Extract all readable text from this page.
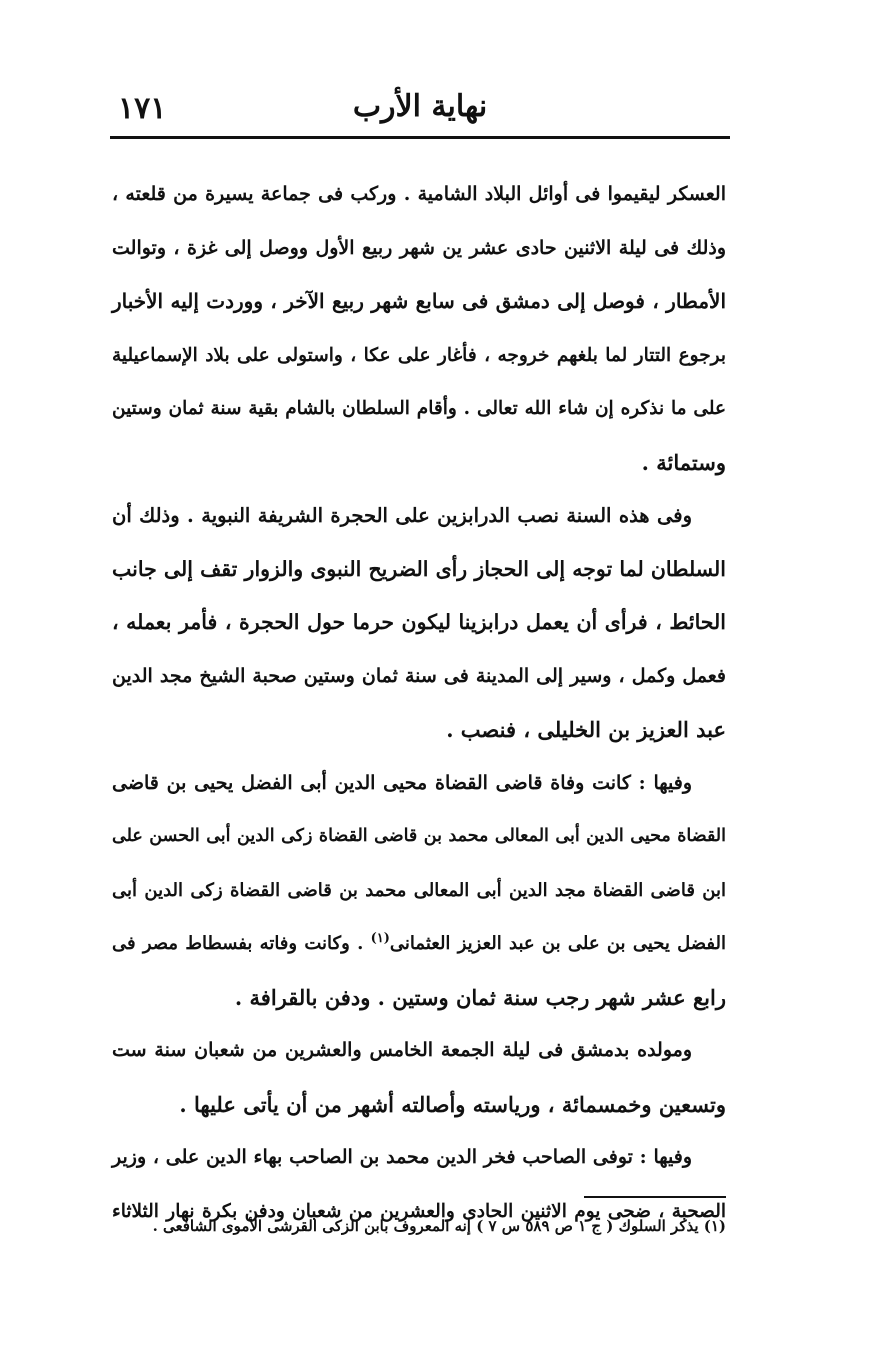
١٧١	نهاية الأرب

العسكر ليقيموا فى أوائل البلاد الشامية . وركب فى جماعة يسيرة من قلعته ،
وذلك فى ليلة الاثنين حادى عشر ين شهر ربيع الأول ووصل إلى غزة ، وتوالت
الأمطار ، فوصل إلى دمشق فى سابع شهر ربيع الآخر ، ووردت إليه الأخبار
برجوع التتار لما بلغهم خروجه ، فأغار على عكا ، واستولى على بلاد الإسماعيلية
على ما نذكره إن شاء الله تعالى . وأقام السلطان بالشام بقية سنة ثمان وستين
وستمائة .

وفى هذه السنة نصب الدرابزين على الحجرة الشريفة النبوية . وذلك أن
السلطان لما توجه إلى الحجاز رأى الضريح النبوى والزوار تقف إلى جانب
الحائط ، فرأى أن يعمل درابزينا ليكون حرما حول الحجرة ، فأمر بعمله ،
فعمل وكمل ، وسير إلى المدينة فى سنة ثمان وستين صحبة الشيخ مجد الدين
عبد العزيز بن الخليلى ، فنصب .

وفيها : كانت وفاة قاضى القضاة محيى الدين أبى الفضل يحيى بن قاضى
القضاة محيى الدين أبى المعالى محمد بن قاضى القضاة زكى الدين أبى الحسن على
ابن قاضى القضاة مجد الدين أبى المعالى محمد بن قاضى القضاة زكى الدين أبى
الفضل يحيى بن على بن عبد العزيز العثمانى$^{(١)}$ . وكانت وفاته بفسطاط مصر فى
رابع عشر شهر رجب سنة ثمان وستين . ودفن بالقرافة .

ومولده بدمشق فى ليلة الجمعة الخامس والعشرين من شعبان سنة ست
وتسعين وخمسمائة ، ورياسته وأصالته أشهر من أن يأتى عليها .

وفيها : توفى الصاحب فخر الدين محمد بن الصاحب بهاء الدين على ، وزير
الصحبة ، ضحى يوم الاثنين الحادى والعشرين من شعبان ودفن بكرة نهار الثلاثاء

(١) يذكر السلوك ( ج ١ ص ٥٨٩ س ٧ ) إنه المعروف بابن الزكى القرشى الأموى الشافعى .
